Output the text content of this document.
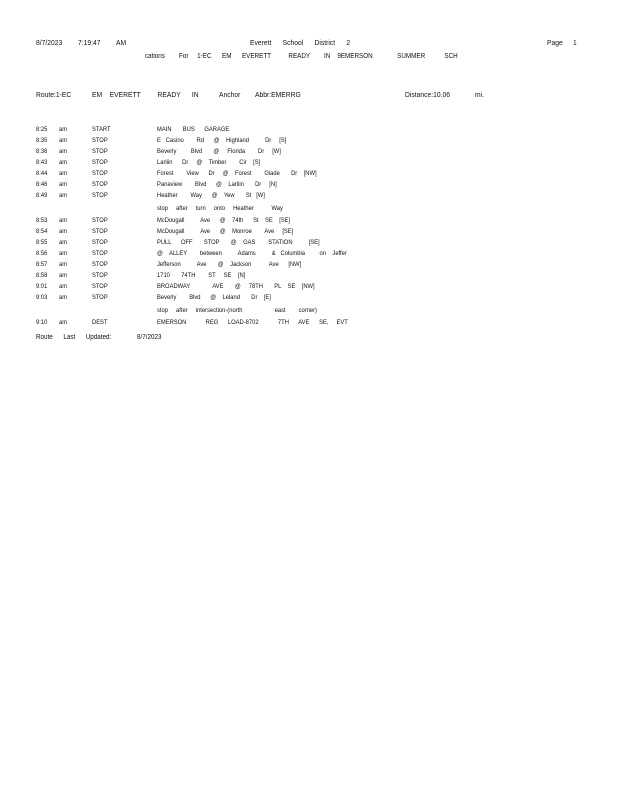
8/7/2023 7:19:47 AM	Everett      School      District      2	Page 1
cations        For     1-EC      EM      EVERETT          READY        IN    9EMERSON              SUMMER           SCH
Route:1-EC	EM    EVERETT         READY      IN	Anchor Abbr:EMERRG	Distance:10.06	mi.
8:25 am	START	MAIN       BUS      GARAGE
8:35 am	STOP	E   Casino        Rd      @    Highland          Dr     [S]
8:36 am	STOP	Beverly         Blvd       @     Florida        Dr     [W]
8:43 am	STOP	Larliin      Dr     @    Timber        Cir    [S]
8:44 am	STOP	Forest        View      Dr     @    Forest        Glade       Dr    [NW]
8:46 am	STOP	Panaview        Blvd      @    Larliin       Dr     [N]
8:49 am	STOP	Heather        Way      @    Yew       St   [W]
stop     after     turn     onto     Heather           Way
8:53 am	STOP	McDougall          Ave      @    74th      St    SE    [SE]
8:54 am	STOP	McDougall          Ave      @    Monroe        Ave     [SE]
8:55 am	STOP	PULL      OFF       STOP       @    GAS        STATION          [SE]
8:56 am	STOP	@    ALLEY        between          Adams          &   Columbia         on    Jeffer
8:57 am	STOP	Jefferson          Ave       @    Jackson           Ave      [NW]
8:58 am	STOP	1710       74TH        ST     SE    [N]
9:01 am	STOP	BROADWAY              AVE       @     78TH       PL    SE    [NW]
9:03 am	STOP	Beverly        Blvd      @    Leland       Dr    [E]
stop     after     intersection-(north                    east        corner)
9:10 am	DEST	EMERSON            REG      LOAD-8702            7TH      AVE      SE,     EVT
Route      Last      Updated:	8/7/2023
